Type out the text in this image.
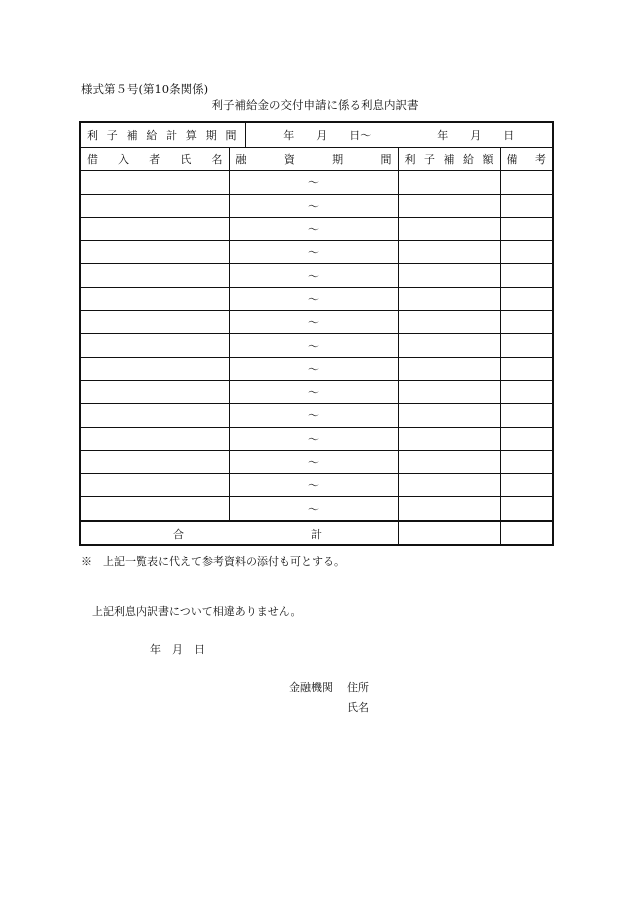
様式第５号(第10条関係)
利子補給金の交付申請に係る利息内訳書
利子補給計算期間		年　　月　　日～　　　　　　年　　月　　日		
借入者氏名	融資期間		利子補給額	備考
	～			
	～			
	～			
	～			
	～			
	～			
	～			
	～			
	～			
	～			
	～			
	～			
	～			
	～			
	～			

合 計				

※　上記一覧表に代えて参考資料の添付も可とする。
上記利息内訳書について相違ありません。
年　月　日
金融機関 住所
氏名
